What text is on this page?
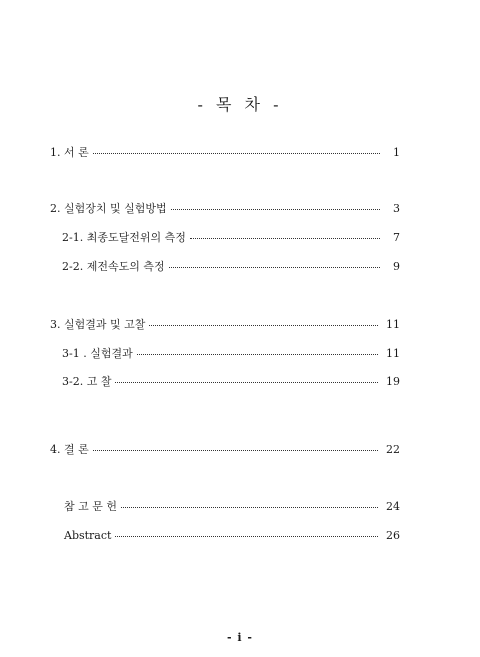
- 목 차 -
1. 서 론	1
2. 실험장치 및 실험방법	3
2-1. 최종도달전위의 측정	7
2-2. 제전속도의 측정	9
3. 실험결과 및 고찰	11
3-1 . 실험결과	11
3-2. 고 찰	19
4. 결 론	22
참 고 문 헌	24
Abstract	26
- i -
